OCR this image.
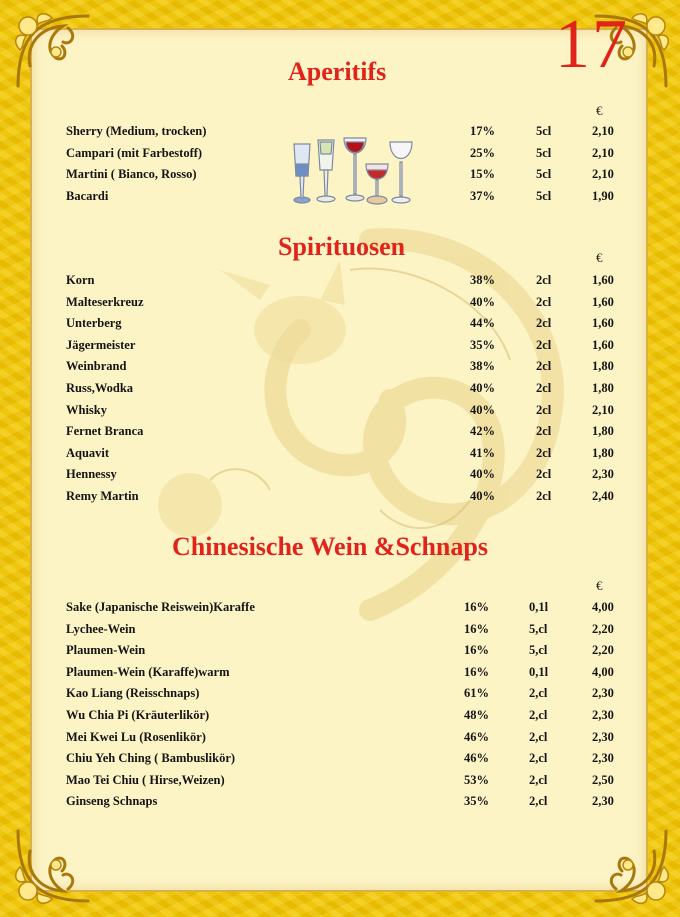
17
Aperitifs
€
Sherry (Medium, trocken)	17%	5cl	2,10
Campari (mit Farbestoff)	25%	5cl	2,10
Martini ( Bianco, Rosso)	15%	5cl	2,10
Bacardi	37%	5cl	1,90
Spirituosen	€
Korn	38%	2cl	1,60
Malteserkreuz	40%	2cl	1,60
Unterberg	44%	2cl	1,60
Jägermeister	35%	2cl	1,60
Weinbrand	38%	2cl	1,80
Russ,Wodka	40%	2cl	1,80
Whisky	40%	2cl	2,10
Fernet Branca	42%	2cl	1,80
Aquavit	41%	2cl	1,80
Hennessy	40%	2cl	2,30
Remy Martin	40%	2cl	2,40
Chinesische Wein &Schnaps
€
Sake (Japanische Reiswein)Karaffe	16%	0,1l	4,00
Lychee-Wein	16%	5,cl	2,20
Plaumen-Wein	16%	5,cl	2,20
Plaumen-Wein (Karaffe)warm	16%	0,1l	4,00
Kao Liang (Reisschnaps)	61%	2,cl	2,30
Wu Chia Pi (Kräuterlikör)	48%	2,cl	2,30
Mei Kwei Lu (Rosenlikör)	46%	2,cl	2,30
Chiu Yeh Ching ( Bambuslikör)	46%	2,cl	2,30
Mao Tei Chiu ( Hirse,Weizen)	53%	2,cl	2,50
Ginseng Schnaps	35%	2,cl	2,30
